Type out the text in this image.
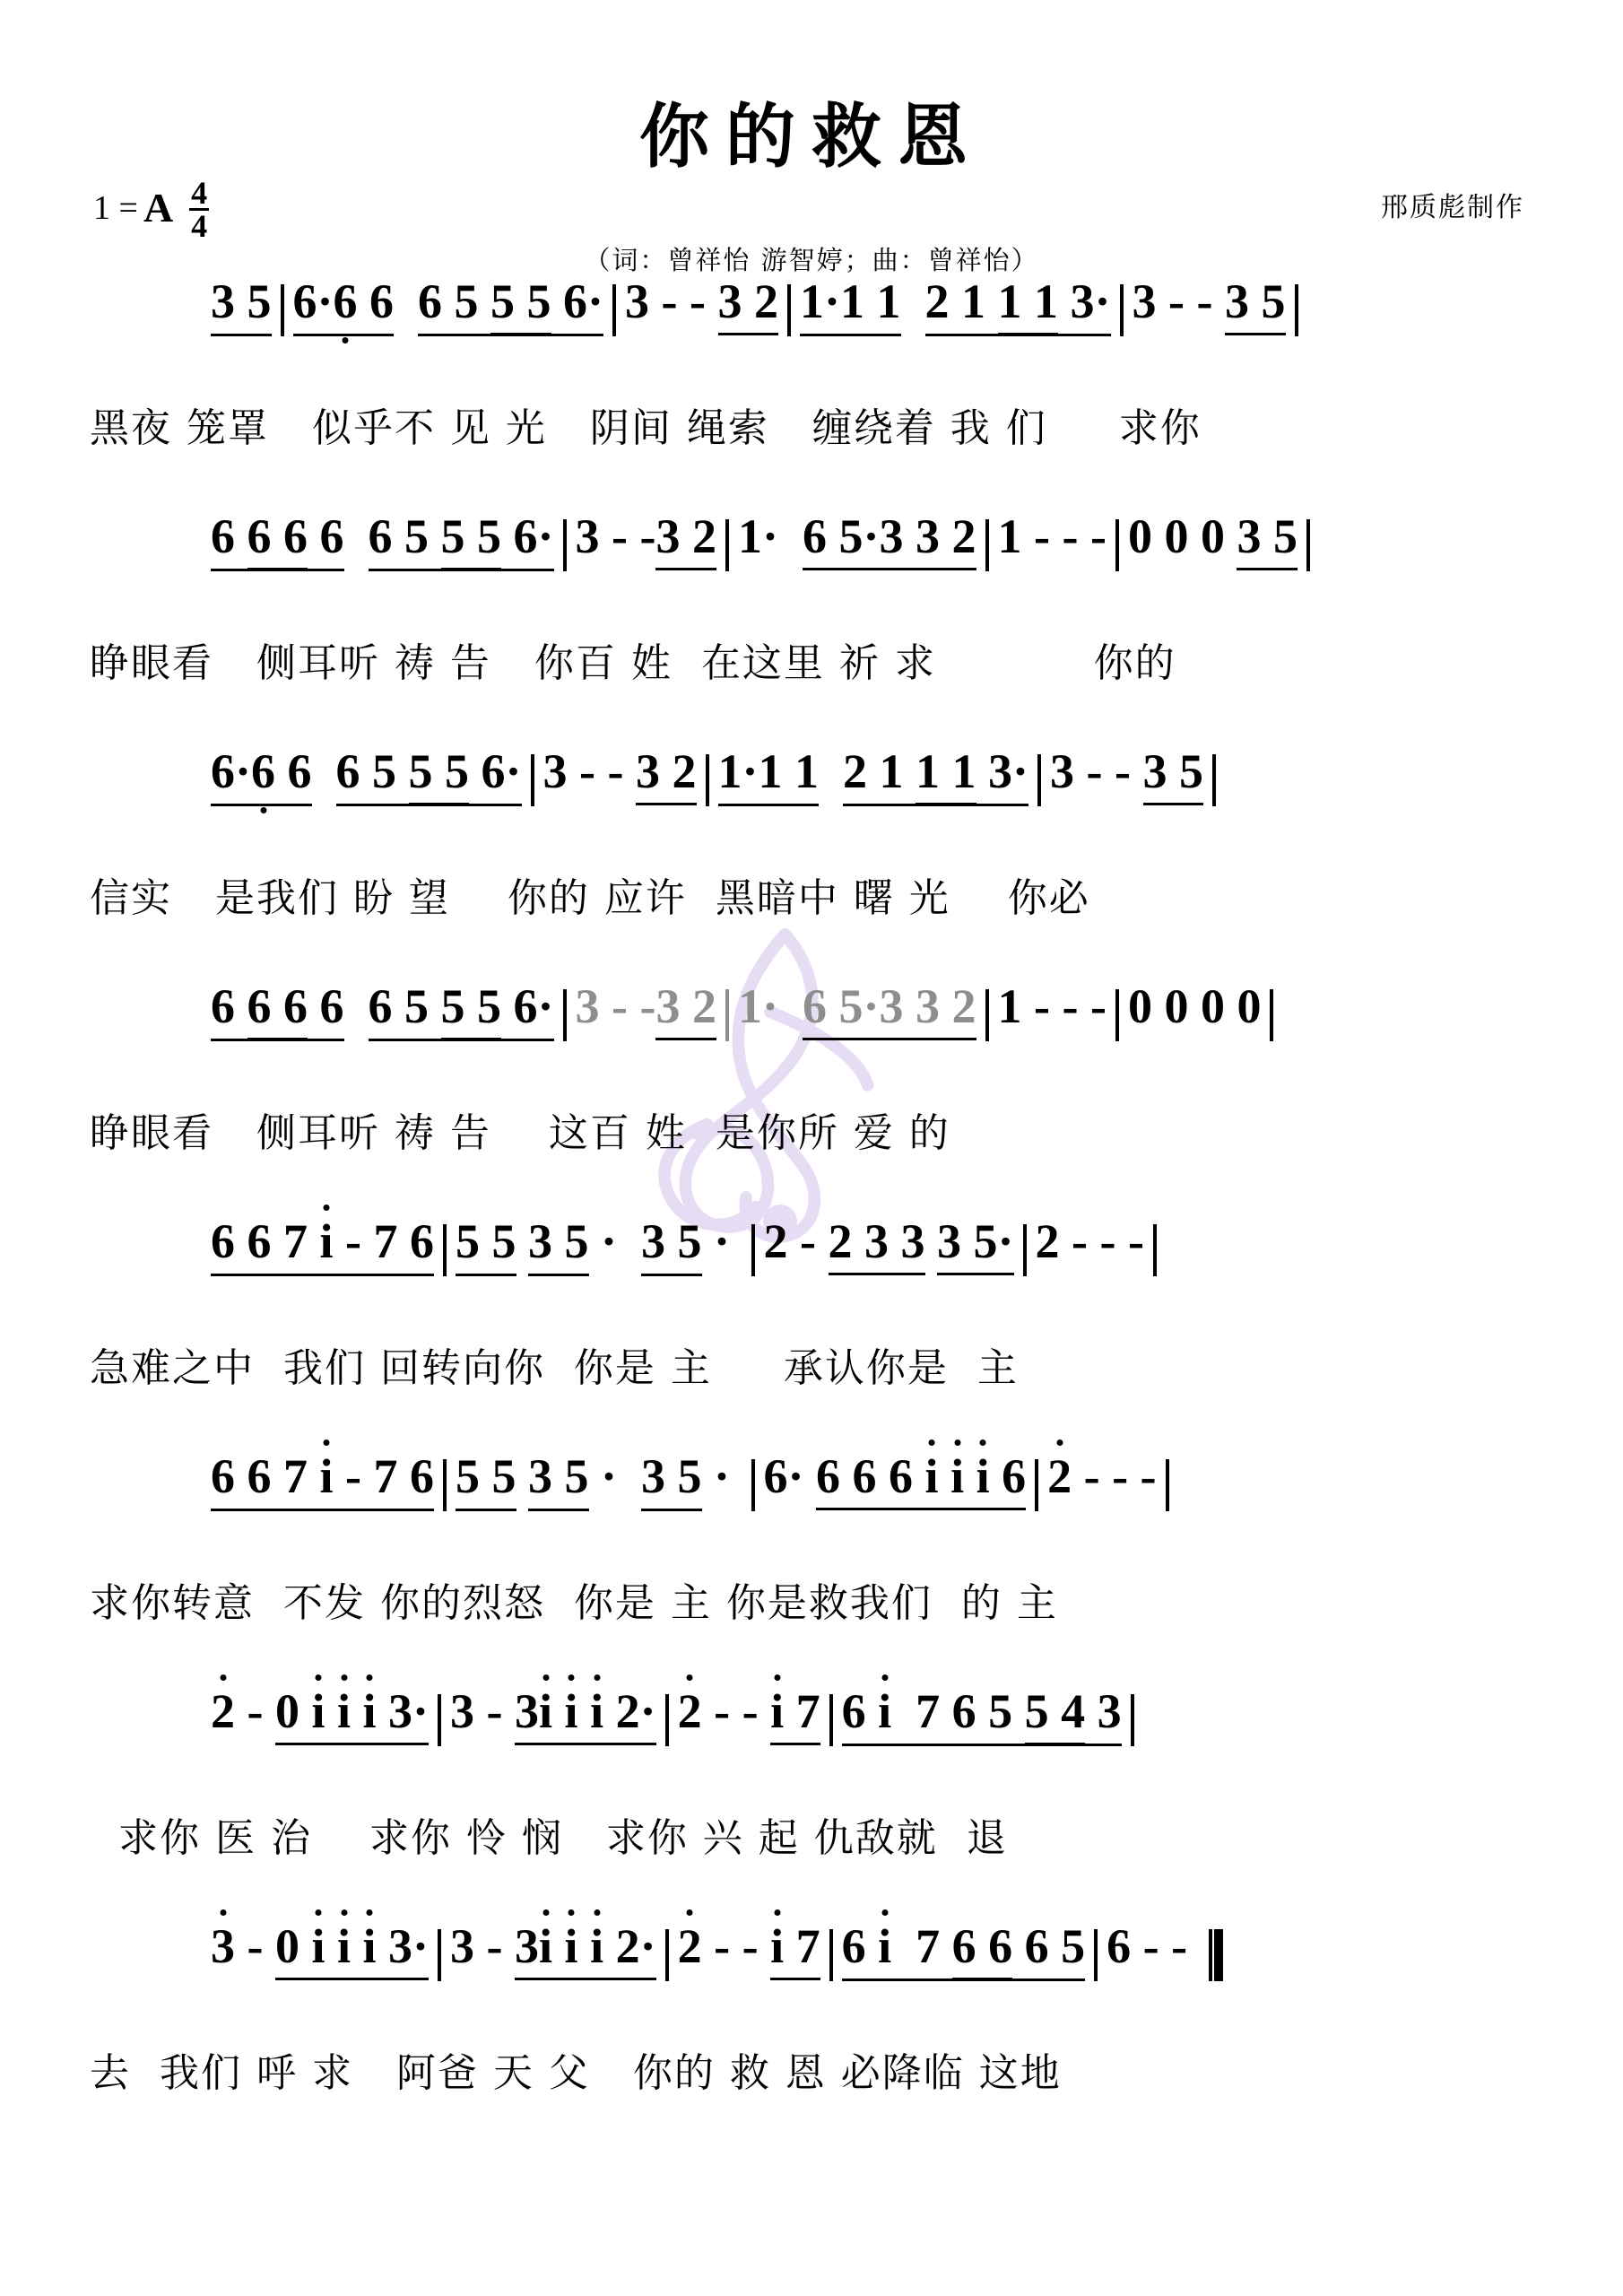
你的救恩
1 = A 4
4
邢质彪制作
（词：曾祥怡 游智婷；曲：曾祥怡）

3 5 6·6 6 6 5 5 5 6· 3 - - 3 2 1·1 1 2 1 1 1 3· 3 - - 3 5

黑夜 笼罩   似乎不 见 光   阴间 绳索   缠绕着 我 们     求你

6 6 6 6 6 5 5 5 6· 3 - -3 2 1·  6 5·3 3 2 1 - - - 0 0 0 3 5

睁眼看   侧耳听 祷 告   你百 姓  在这里 祈 求           你的

6·6 6 6 5 5 5 6· 3 - - 3 2 1·1 1 2 1 1 1 3· 3 - - 3 5

信实   是我们 盼 望    你的 应许  黑暗中 曙 光    你必

6 6 6 6 6 5 5 5 6· 3 - -3 2 1·  6 5·3 3 2 1 - - - 0 0 0 0

睁眼看   侧耳听 祷 告    这百 姓  是你所 爱 的

6 6 7 i - 7 6 5 5 3 5 ·  3 5 · 2 - 2 3 3 3 5· 2 - - -

急难之中  我们 回转向你  你是 主     承认你是  主

6 6 7 i - 7 6 5 5 3 5 ·  3 5 · 6· 6 6 6 i i i 6 2 - - -

求你转意  不发 你的烈怒  你是 主 你是救我们  的 主

2 - 0 i i i 3· 3 - 3i i i 2· 2 - - i 7 6 i  7 6 5 5 4 3

求你 医 治    求你 怜 悯   求你 兴 起 仇敌就  退

3 - 0 i i i 3· 3 - 3i i i 2· 2 - - i 7 6 i  7 6 6 6 5 6 - -

去  我们 呼 求   阿爸 天 父   你的 救 恩 必降临 这地
